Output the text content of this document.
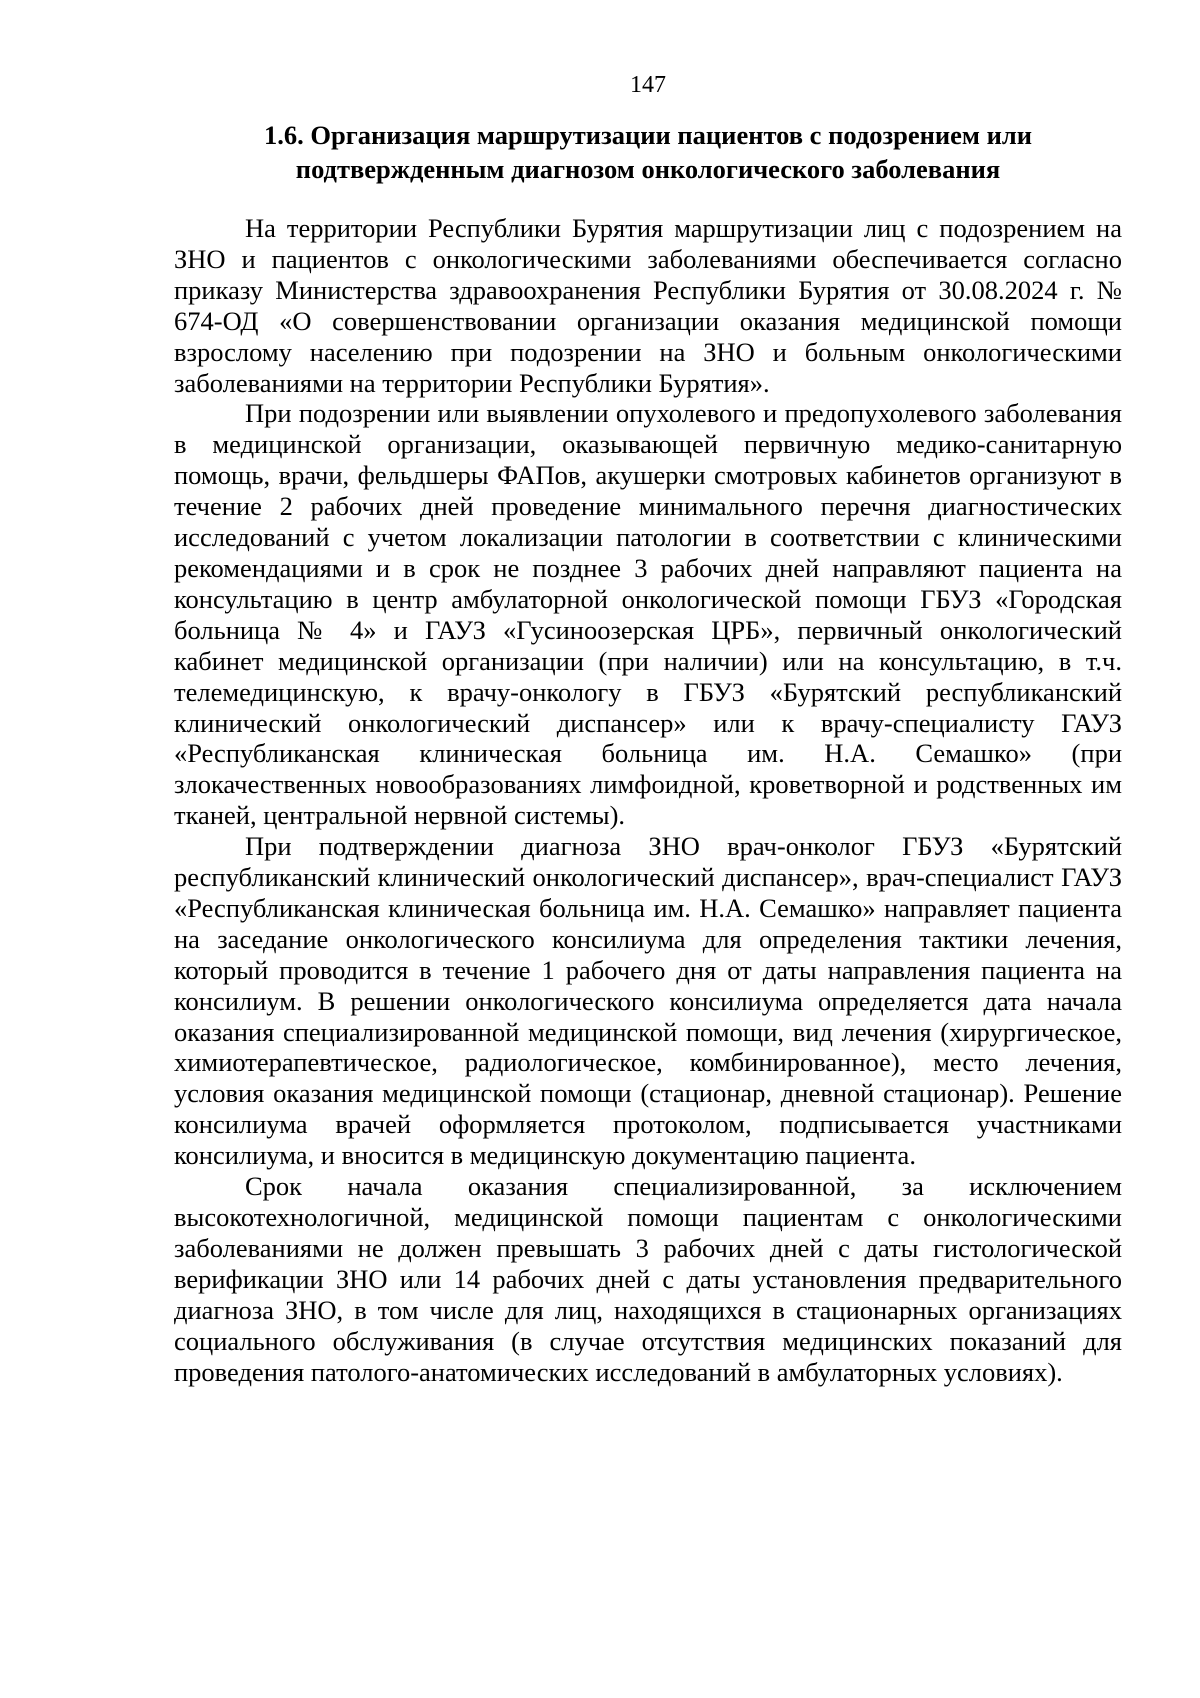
147
1.6. Организация маршрутизации пациентов с подозрением или
подтвержденным диагнозом онкологического заболевания

На территории Республики Бурятия маршрутизации лиц с подозрением на ЗНО и пациентов с онкологическими заболеваниями обеспечивается согласно приказу Министерства здравоохранения Республики Бурятия от 30.08.2024 г. № 674-ОД «О совершенствовании организации оказания медицинской помощи взрослому населению при подозрении на ЗНО и больным онкологическими заболеваниями на территории Республики Бурятия».

При подозрении или выявлении опухолевого и предопухолевого заболевания в медицинской организации, оказывающей первичную медико-санитарную помощь, врачи, фельдшеры ФАПов, акушерки смотровых кабинетов организуют в течение 2 рабочих дней проведение минимального перечня диагностических исследований с учетом локализации патологии в соответствии с клиническими рекомендациями и в срок не позднее 3 рабочих дней направляют пациента на консультацию в центр амбулаторной онкологической помощи ГБУЗ «Городская больница № 4» и ГАУЗ «Гусиноозерская ЦРБ», первичный онкологический кабинет медицинской организации (при наличии) или на консультацию, в т.ч. телемедицинскую, к врачу-онкологу в ГБУЗ «Бурятский республиканский клинический онкологический диспансер» или к врачу-специалисту ГАУЗ «Республиканская клиническая больница им. Н.А. Семашко» (при злокачественных новообразованиях лимфоидной, кроветворной и родственных им тканей, центральной нервной системы).

При подтверждении диагноза ЗНО врач-онколог ГБУЗ «Бурятский республиканский клинический онкологический диспансер», врач-специалист ГАУЗ «Республиканская клиническая больница им. Н.А. Семашко» направляет пациента на заседание онкологического консилиума для определения тактики лечения, который проводится в течение 1 рабочего дня от даты направления пациента на консилиум. В решении онкологического консилиума определяется дата начала оказания специализированной медицинской помощи, вид лечения (хирургическое, химиотерапевтическое, радиологическое, комбинированное), место лечения, условия оказания медицинской помощи (стационар, дневной стационар). Решение консилиума врачей оформляется протоколом, подписывается участниками консилиума, и вносится в медицинскую документацию пациента.

Срок начала оказания специализированной, за исключением высокотехнологичной, медицинской помощи пациентам с онкологическими заболеваниями не должен превышать 3 рабочих дней с даты гистологической верификации ЗНО или 14 рабочих дней с даты установления предварительного диагноза ЗНО, в том числе для лиц, находящихся в стационарных организациях социального обслуживания (в случае отсутствия медицинских показаний для проведения патолого-анатомических исследований в амбулаторных условиях).
